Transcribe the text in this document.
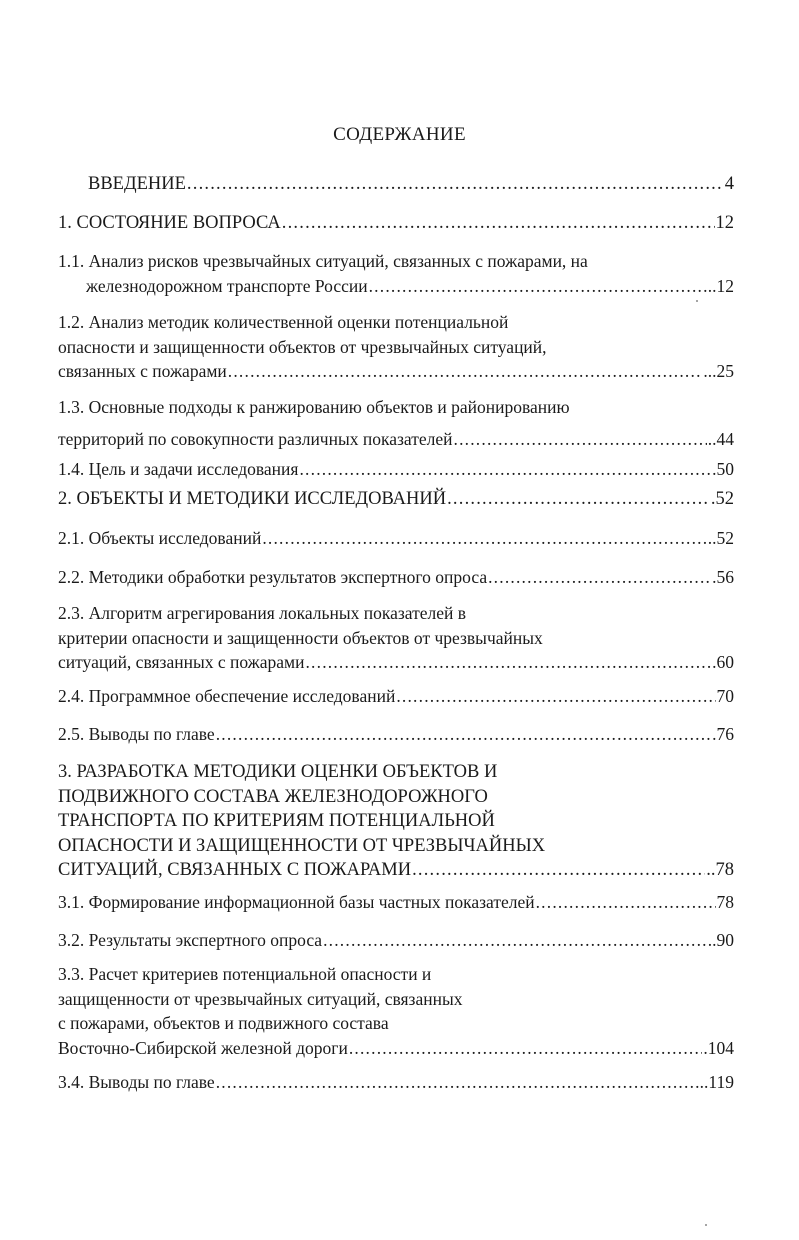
СОДЕРЖАНИЕ
ВВЕДЕНИЕ .....	4
1. СОСТОЯНИЕ ВОПРОСА .....	12
1.1. Анализ рисков чрезвычайных ситуаций, связанных с пожарами, на
железнодорожном транспорте России .....	..12
1.2. Анализ методик количественной оценки потенциальной
опасности и защищенности объектов от чрезвычайных ситуаций,
связанных с пожарами .....	...25
1.3. Основные подходы к ранжированию объектов и районированию
территорий по совокупности различных показателей .....	..44
1.4. Цель и задачи исследования .....	.50
2. ОБЪЕКТЫ И МЕТОДИКИ ИССЛЕДОВАНИЙ .....	.52
2.1. Объекты исследований .....	..52
2.2. Методики обработки результатов экспертного опроса .....	.56
2.3. Алгоритм агрегирования локальных показателей в
критерии опасности и защищенности объектов от чрезвычайных
ситуаций, связанных с пожарами .....	.60
2.4. Программное обеспечение исследований .....	70
2.5. Выводы по главе .....	.76
3. РАЗРАБОТКА МЕТОДИКИ ОЦЕНКИ ОБЪЕКТОВ И
ПОДВИЖНОГО СОСТАВА ЖЕЛЕЗНОДОРОЖНОГО
ТРАНСПОРТА ПО КРИТЕРИЯМ ПОТЕНЦИАЛЬНОЙ
ОПАСНОСТИ И ЗАЩИЩЕННОСТИ ОТ ЧРЕЗВЫЧАЙНЫХ
СИТУАЦИЙ, СВЯЗАННЫХ С ПОЖАРАМИ .....	..78
3.1. Формирование информационной базы частных показателей .....	78
3.2. Результаты экспертного опроса .....	.90
3.3. Расчет критериев потенциальной опасности и
защищенности от чрезвычайных ситуаций, связанных
с пожарами, объектов и подвижного состава
Восточно-Сибирской железной дороги .....	.104
3.4. Выводы по главе .....	..119
